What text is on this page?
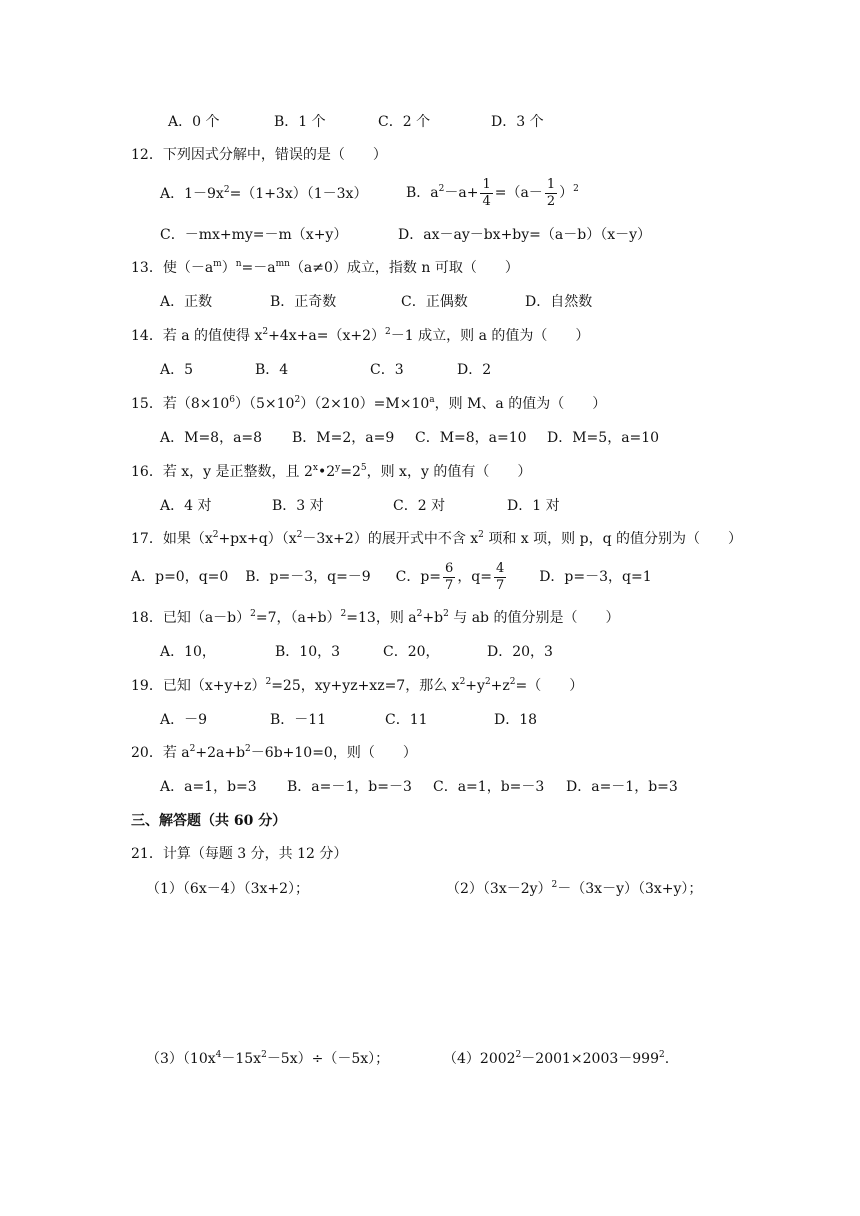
A．0 个	B．1 个	C．2 个	D．3 个
12．下列因式分解中，错误的是（　　）
A．$1-9x^2=(1+3x)(1-3x)$	B．$a^2-a+ \frac{1}{4} =(a- \frac{1}{2} )^2$
C．－mx+my=－m（x+y）	D．ax－ay－bx+by=（a－b）（x－y）
13．使$(-a^m)^n=-a^{mn}(a\ne 0)$成立，指数 n 可取（　　）
A．正数	B．正奇数	C．正偶数	D．自然数
14．若 a 的值使得 $x^2+4x+a=(x+2)^2-1$ 成立，则 a 的值为（　　）
A．5	B．4	C．3	D．2
15．若$(8\times 10^6)(5\times 10^2)(2\times 10)=M\times 10^a$，则 M、a 的值为（　　）
A．M=8，a=8 B．M=2，a=9 C．M=8，a=10 D．M=5，a=10
16．若 x，y 是正整数，且 $2^x•2^y=2^5$，则 x，y 的值有（　　）
A．4 对	B．3 对	C．2 对	D．1 对
17．如果$(x^2+px+q)(x^2-3x+2)$的展开式中不含 $x^2$ 项和 x 项，则 p，q 的值分别为（　　）
A．p=0，q=0 B．p=－3，q=－9 C．$p= \frac{6}{7}$ ，$q= \frac{4}{7}$ D．p=－3，q=1
18．已知$(a-b)^2=7$，$(a+b)^2=13$，则 $a^2+b^2$ 与 ab 的值分别是（　　）
A．10，	B．10，3	C．20，	D．20，3
19．已知$(x+y+z)^2=25$，xy+yz+xz=7，那么 $x^2+y^2+z^2=$（　　）
A．－9	B．－11	C．11	D．18
20．若 $a^2+2a+b^2-6b+10=0$，则（　　）
A．a=1，b=3 B．a=－1，b=－3 C．a=1，b=－3 D．a=－1，b=3
三、解答题（共 60 分）
21．计算（每题 3 分，共 12 分）
（1）（6x－4）（3x+2）；	$(2)(3x-2y)^2-(3x-y)(3x+y)$；
$(3)(10x^4-15x^2-5x)\div(-5x)$；	$(4)2002^2-2001\times 2003-999^2$.
